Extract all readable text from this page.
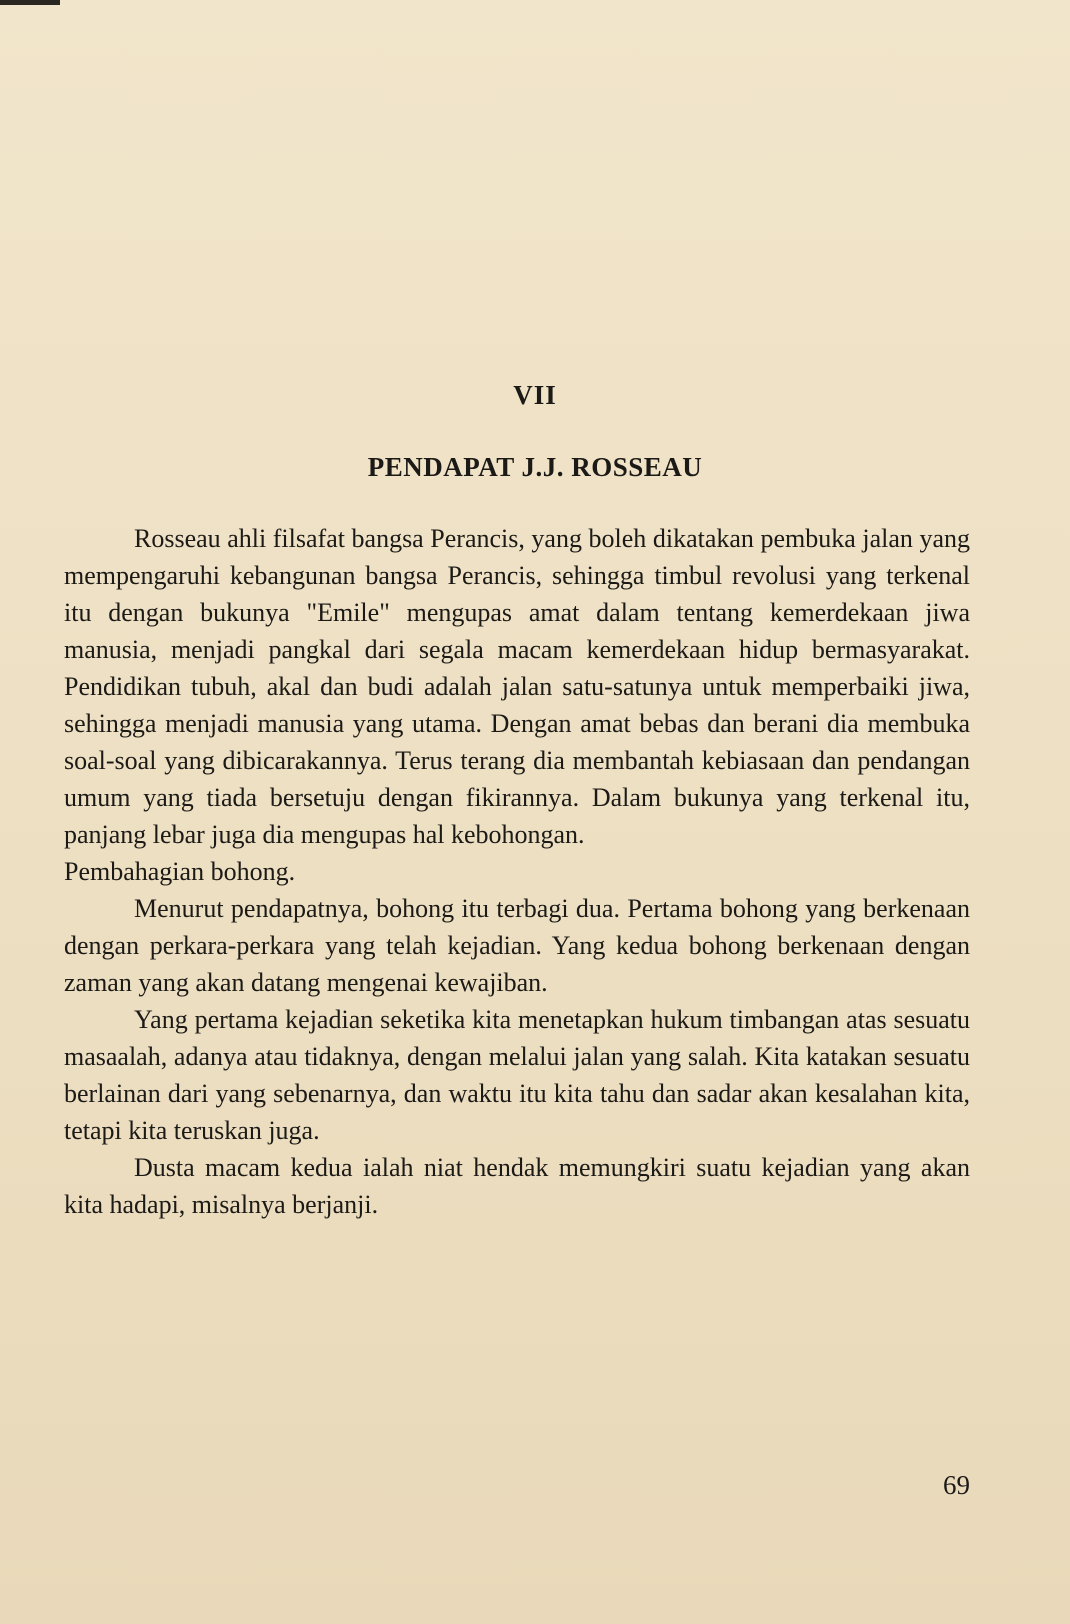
VII
PENDAPAT J.J. ROSSEAU

Rosseau ahli filsafat bangsa Perancis, yang boleh dikatakan pembuka jalan yang mempengaruhi kebangunan bangsa Perancis, sehingga timbul revolusi yang terkenal itu dengan bukunya "Emile" mengupas amat dalam tentang kemerdekaan jiwa manusia, menjadi pangkal dari segala macam kemerdekaan hidup bermasyarakat. Pendidikan tubuh, akal dan budi adalah jalan satu-satunya untuk memperbaiki jiwa, sehingga menjadi manusia yang utama. Dengan amat bebas dan berani dia membuka soal-soal yang dibicarakannya. Terus terang dia membantah kebiasaan dan pendangan umum yang tiada bersetuju dengan fikirannya. Dalam bukunya yang terkenal itu, panjang lebar juga dia mengupas hal kebohongan.

Pembahagian bohong.

Menurut pendapatnya, bohong itu terbagi dua. Pertama bohong yang berkenaan dengan perkara-perkara yang telah kejadian. Yang kedua bohong berkenaan dengan zaman yang akan datang mengenai kewajiban.

Yang pertama kejadian seketika kita menetapkan hukum timbangan atas sesuatu masaalah, adanya atau tidaknya, dengan melalui jalan yang salah. Kita katakan sesuatu berlainan dari yang sebenarnya, dan waktu itu kita tahu dan sadar akan kesalahan kita, tetapi kita teruskan juga.

Dusta macam kedua ialah niat hendak memungkiri suatu kejadian yang akan kita hadapi, misalnya berjanji.

69
